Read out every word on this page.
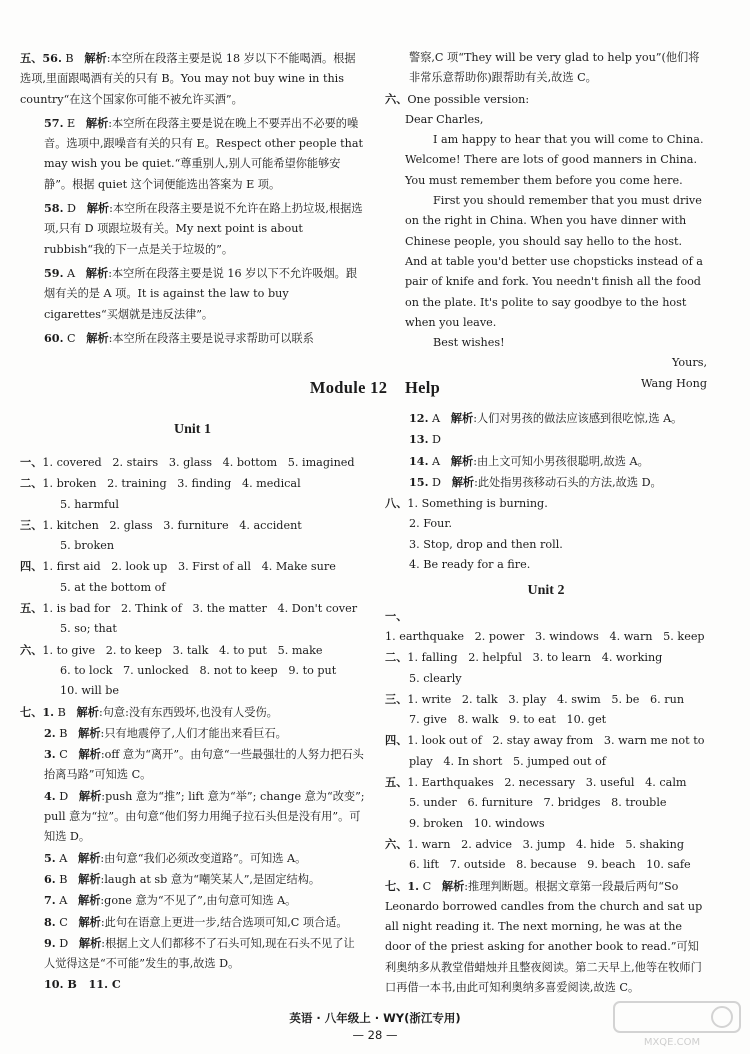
五、56. B 解析:本空所在段落主要是说 18 岁以下不能喝酒。根据选项,里面跟喝酒有关的只有 B。You may not buy wine in this country“在这个国家你可能不被允许买酒”。

57. E 解析:本空所在段落主要是说在晚上不要弄出不必要的噪音。选项中,跟噪音有关的只有 E。Respect other people that may wish you be quiet.“尊重别人,别人可能希望你能够安静”。根据 quiet 这个词便能选出答案为 E 项。

58. D 解析:本空所在段落主要是说不允许在路上扔垃圾,根据选项,只有 D 项跟垃圾有关。My next point is about rubbish“我的下一点是关于垃圾的”。

59. A 解析:本空所在段落主要是说 16 岁以下不允许吸烟。跟烟有关的是 A 项。It is against the law to buy cigarettes“买烟就是违反法律”。

60. C 解析:本空所在段落主要是说寻求帮助可以联系

警察,C 项“They will be very glad to help you”(他们将非常乐意帮助你)跟帮助有关,故选 C。

六、One possible version:

Dear Charles,

I am happy to hear that you will come to China. Welcome! There are lots of good manners in China. You must remember them before you come here.

First you should remember that you must drive on the right in China. When you have dinner with Chinese people, you should say hello to the host. And at table you'd better use chopsticks instead of a pair of knife and fork. You needn't finish all the food on the plate. It's polite to say goodbye to the host when you leave.

Best wishes!

Yours,

Wang Hong

Module 12    Help
Unit 1

一、1. covered   2. stairs   3. glass   4. bottom   5. imagined

二、1. broken   2. training   3. finding   4. medical

5. harmful

三、1. kitchen   2. glass   3. furniture   4. accident

5. broken

四、1. first aid   2. look up   3. First of all   4. Make sure

5. at the bottom of

五、1. is bad for   2. Think of   3. the matter   4. Don't cover

5. so; that

六、1. to give   2. to keep   3. talk   4. to put   5. make

6. to lock   7. unlocked   8. not to keep   9. to put

10. will be

七、1. B 解析:句意:没有东西毁坏,也没有人受伤。

2. B 解析:只有地震停了,人们才能出来看巨石。

3. C 解析:off 意为“离开”。由句意“一些最强壮的人努力把石头抬离马路”可知选 C。

4. D 解析:push 意为“推”; lift 意为“举”; change 意为“改变”; pull 意为“拉”。由句意“他们努力用绳子拉石头但是没有用”。可知选 D。

5. A 解析:由句意“我们必须改变道路”。可知选 A。

6. B 解析:laugh at sb 意为“嘲笑某人”,是固定结构。

7. A 解析:gone 意为“不见了”,由句意可知选 A。

8. C 解析:此句在语意上更进一步,结合选项可知,C 项合适。

9. D 解析:根据上文人们都移不了石头可知,现在石头不见了让人觉得这是“不可能”发生的事,故选 D。

10. B   11. C

12. A 解析:人们对男孩的做法应该感到很吃惊,选 A。

13. D

14. A 解析:由上文可知小男孩很聪明,故选 A。

15. D 解析:此处指男孩移动石头的方法,故选 D。

八、1. Something is burning.

2. Four.

3. Stop, drop and then roll.

4. Be ready for a fire.

Unit 2

一、1. earthquake   2. power   3. windows   4. warn   5. keep

二、1. falling   2. helpful   3. to learn   4. working

5. clearly

三、1. write   2. talk   3. play   4. swim   5. be   6. run

7. give   8. walk   9. to eat   10. get

四、1. look out of   2. stay away from   3. warn me not to

play   4. In short   5. jumped out of

五、1. Earthquakes   2. necessary   3. useful   4. calm

5. under   6. furniture   7. bridges   8. trouble

9. broken   10. windows

六、1. warn   2. advice   3. jump   4. hide   5. shaking

6. lift   7. outside   8. because   9. beach   10. safe

七、1. C 解析:推理判断题。根据文章第一段最后两句“So Leonardo borrowed candles from the church and sat up all night reading it. The next morning, he was at the door of the priest asking for another book to read.”可知利奥纳多从教堂借蜡烛并且整夜阅读。第二天早上,他等在牧师门口再借一本书,由此可知利奥纳多喜爱阅读,故选 C。

英语 · 八年级上 · WY(浙江专用)
— 28 —
MXQE.COM
